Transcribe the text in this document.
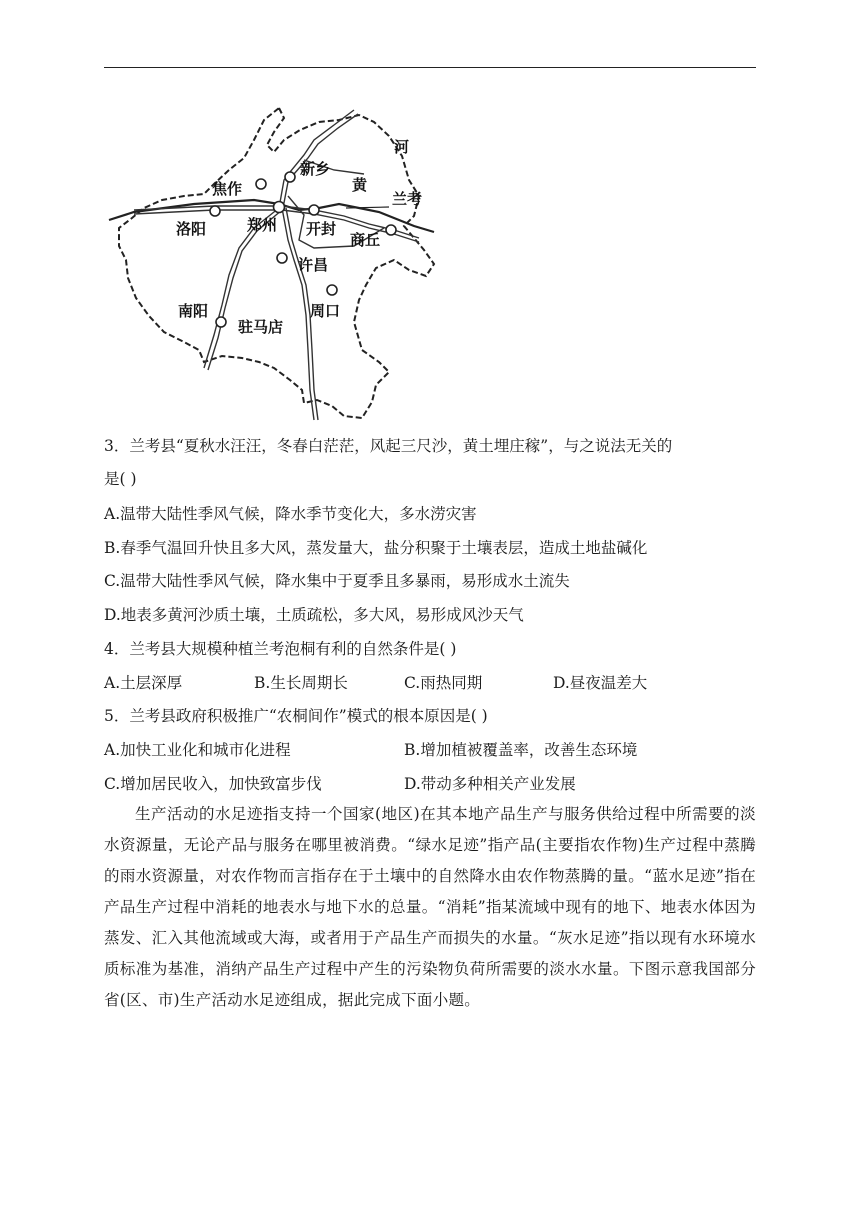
河
黄
兰考
新乡
焦作
洛阳	郑州 开封
商丘
许昌
南阳	周口
驻马店
3．兰考县“夏秋水汪汪，冬春白茫茫，风起三尺沙，黄土埋庄稼”，与之说法无关的
是( )
A.温带大陆性季风气候，降水季节变化大，多水涝灾害
B.春季气温回升快且多大风，蒸发量大，盐分积聚于土壤表层，造成土地盐碱化
C.温带大陆性季风气候，降水集中于夏季且多暴雨，易形成水土流失
D.地表多黄河沙质土壤，土质疏松，多大风，易形成风沙天气
4．兰考县大规模种植兰考泡桐有利的自然条件是( )
A.土层深厚	B.生长周期长	C.雨热同期	D.昼夜温差大
5．兰考县政府积极推广“农桐间作”模式的根本原因是( )
A.加快工业化和城市化进程	B.增加植被覆盖率，改善生态环境
C.增加居民收入，加快致富步伐	D.带动多种相关产业发展
生产活动的水足迹指支持一个国家(地区)在其本地产品生产与服务供给过程中所需要的淡水资源量，无论产品与服务在哪里被消费。“绿水足迹”指产品(主要指农作物)生产过程中蒸腾的雨水资源量，对农作物而言指存在于土壤中的自然降水由农作物蒸腾的量。“蓝水足迹”指在产品生产过程中消耗的地表水与地下水的总量。“消耗”指某流域中现有的地下、地表水体因为蒸发、汇入其他流域或大海，或者用于产品生产而损失的水量。“灰水足迹”指以现有水环境水质标准为基准，消纳产品生产过程中产生的污染物负荷所需要的淡水水量。下图示意我国部分省(区、市)生产活动水足迹组成，据此完成下面小题。
